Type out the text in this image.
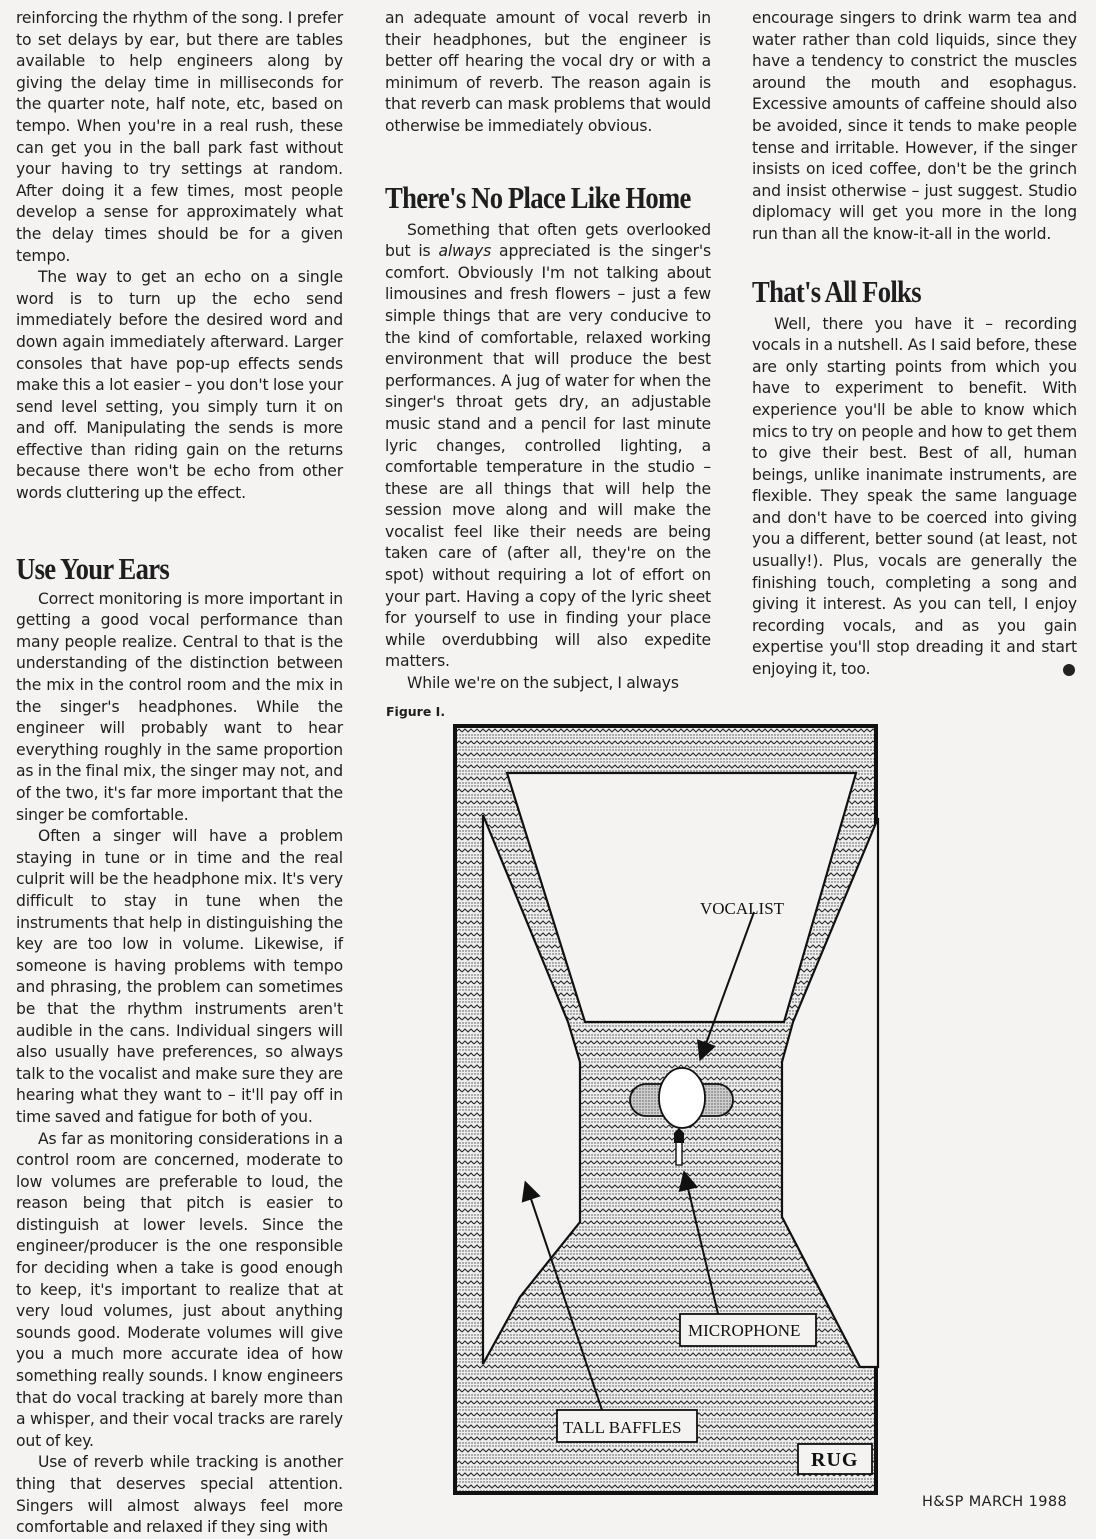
reinforcing the rhythm of the song. I prefer to set delays by ear, but there are tables available to help engineers along by giving the delay time in milliseconds for the quarter note, half note, etc, based on tempo. When you're in a real rush, these can get you in the ball park fast without your having to try settings at random. After doing it a few times, most people develop a sense for approximately what the delay times should be for a given tempo.

The way to get an echo on a single word is to turn up the echo send immediately before the desired word and down again immediately afterward. Larger consoles that have pop-up effects sends make this a lot easier – you don't lose your send level setting, you simply turn it on and off. Manipulating the sends is more effective than riding gain on the returns because there won't be echo from other words cluttering up the effect.

Use Your Ears

Correct monitoring is more important in getting a good vocal performance than many people realize. Central to that is the understanding of the distinction between the mix in the control room and the mix in the singer's headphones. While the engineer will probably want to hear everything roughly in the same proportion as in the final mix, the singer may not, and of the two, it's far more important that the singer be comfortable.

Often a singer will have a problem staying in tune or in time and the real culprit will be the headphone mix. It's very difficult to stay in tune when the instruments that help in distinguishing the key are too low in volume. Likewise, if someone is having problems with tempo and phrasing, the problem can sometimes be that the rhythm instruments aren't audible in the cans. Individual singers will also usually have preferences, so always talk to the vocalist and make sure they are hearing what they want to – it'll pay off in time saved and fatigue for both of you.

As far as monitoring considerations in a control room are concerned, moderate to low volumes are preferable to loud, the reason being that pitch is easier to distinguish at lower levels. Since the engineer/producer is the one responsible for deciding when a take is good enough to keep, it's important to realize that at very loud volumes, just about anything sounds good. Moderate volumes will give you a much more accurate idea of how something really sounds. I know engineers that do vocal tracking at barely more than a whisper, and their vocal tracks are rarely out of key.

Use of reverb while tracking is another thing that deserves special attention. Singers will almost always feel more comfortable and relaxed if they sing with

an adequate amount of vocal reverb in their headphones, but the engineer is better off hearing the vocal dry or with a minimum of reverb. The reason again is that reverb can mask problems that would otherwise be immediately obvious.

There's No Place Like Home

Something that often gets overlooked but is always appreciated is the singer's comfort. Obviously I'm not talking about limousines and fresh flowers – just a few simple things that are very conducive to the kind of comfortable, relaxed working environment that will produce the best performances. A jug of water for when the singer's throat gets dry, an adjustable music stand and a pencil for last minute lyric changes, controlled lighting, a comfortable temperature in the studio – these are all things that will help the session move along and will make the vocalist feel like their needs are being taken care of (after all, they're on the spot) without requiring a lot of effort on your part. Having a copy of the lyric sheet for yourself to use in finding your place while overdubbing will also expedite matters.

While we're on the subject, I always

encourage singers to drink warm tea and water rather than cold liquids, since they have a tendency to constrict the muscles around the mouth and esophagus. Excessive amounts of caffeine should also be avoided, since it tends to make people tense and irritable. However, if the singer insists on iced coffee, don't be the grinch and insist otherwise – just suggest. Studio diplomacy will get you more in the long run than all the know-it-all in the world.

That's All Folks

Well, there you have it – recording vocals in a nutshell. As I said before, these are only starting points from which you have to experiment to benefit. With experience you'll be able to know which mics to try on people and how to get them to give their best. Best of all, human beings, unlike inanimate instruments, are flexible. They speak the same language and don't have to be coerced into giving you a different, better sound (at least, not usually!). Plus, vocals are generally the finishing touch, completing a song and giving it interest. As you can tell, I enjoy recording vocals, and as you gain expertise you'll stop dreading it and start enjoying it, too.

Figure I.
VOCALIST
MICROPHONE
TALL BAFFLES
RUG
H&SP MARCH 1988
